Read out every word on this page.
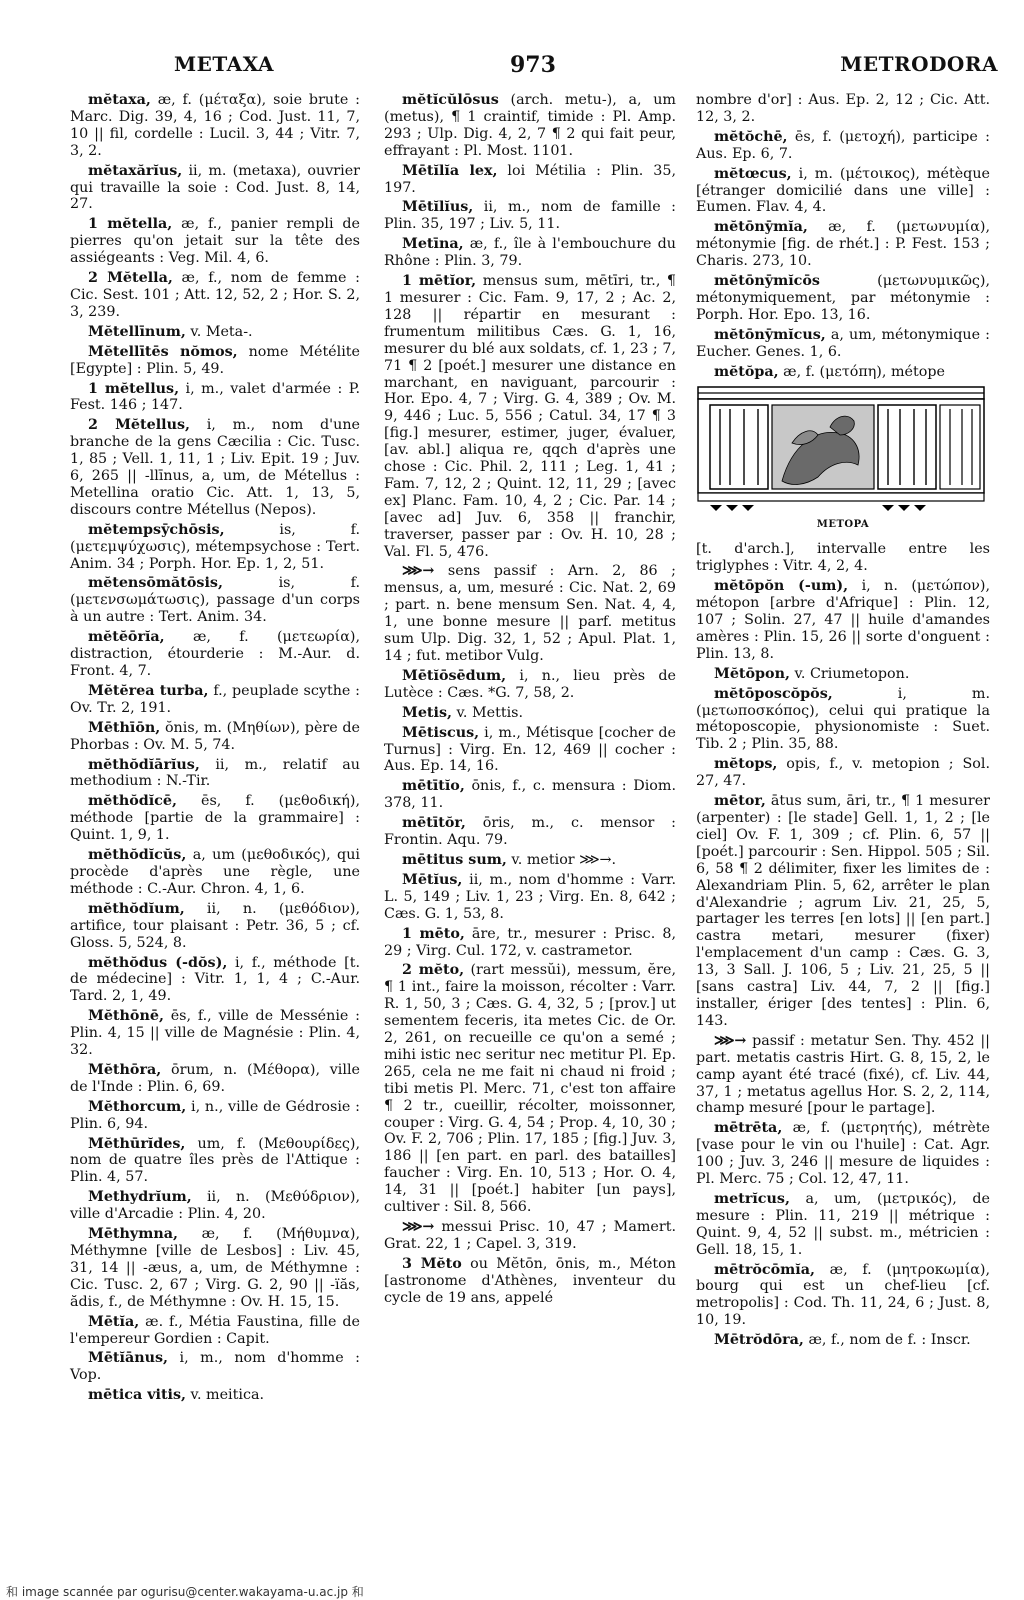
METAXA	973	METRODORA

mĕtaxa, æ, f. (μέταξα), soie brute : Marc. Dig. 39, 4, 16 ; Cod. Just. 11, 7, 10 || fil, cordelle : Lucil. 3, 44 ; Vitr. 7, 3, 2.

mĕtaxărĭus, ii, m. (metaxa), ouvrier qui travaille la soie : Cod. Just. 8, 14, 27.

1 mĕtella, æ, f., panier rempli de pierres qu'on jetait sur la tête des assiégeants : Veg. Mil. 4, 6.

2 Mĕtella, æ, f., nom de femme : Cic. Sest. 101 ; Att. 12, 52, 2 ; Hor. S. 2, 3, 239.

Mĕtellīnum, v. Meta-.

Mĕtellītēs nŏmos, nome Métélite [Egypte] : Plin. 5, 49.

1 mĕtellus, i, m., valet d'armée : P. Fest. 146 ; 147.

2 Mĕtellus, i, m., nom d'une branche de la gens Cæcilia : Cic. Tusc. 1, 85 ; Vell. 1, 11, 1 ; Liv. Epit. 19 ; Juv. 6, 265 || -llīnus, a, um, de Métellus : Metellina oratio Cic. Att. 1, 13, 5, discours contre Métellus (Nepos).

mĕtempsȳchōsis, is, f. (μετεμψύχωσις), métempsychose : Tert. Anim. 34 ; Porph. Hor. Ep. 1, 2, 51.

mĕtensōmătōsis, is, f. (μετενσωμάτωσις), passage d'un corps à un autre : Tert. Anim. 34.

mĕtĕōrĭa, æ, f. (μετεωρία), distraction, étourderie : M.-Aur. d. Front. 4, 7.

Mĕtĕrea turba, f., peuplade scythe : Ov. Tr. 2, 191.

Mēthīōn, ŏnis, m. (Μηθίων), père de Phorbas : Ov. M. 5, 74.

mĕthŏdĭārĭus, ii, m., relatif au methodium : N.-Tir.

mĕthŏdĭcē, ēs, f. (μεθοδική), méthode [partie de la grammaire] : Quint. 1, 9, 1.

mĕthŏdĭcŭs, a, um (μεθοδικός), qui procède d'après une règle, une méthode : C.-Aur. Chron. 4, 1, 6.

mĕthŏdĭum, ii, n. (μεθόδιον), artifice, tour plaisant : Petr. 36, 5 ; cf. Gloss. 5, 524, 8.

mĕthŏdus (-dŏs), i, f., méthode [t. de médecine] : Vitr. 1, 1, 4 ; C.-Aur. Tard. 2, 1, 49.

Mĕthōnē, ēs, f., ville de Messénie : Plin. 4, 15 || ville de Magnésie : Plin. 4, 32.

Mĕthōra, ōrum, n. (Μέθορα), ville de l'Inde : Plin. 6, 69.

Mĕthorcum, i, n., ville de Gédrosie : Plin. 6, 94.

Mĕthūrĭdes, um, f. (Μεθουρίδες), nom de quatre îles près de l'Attique : Plin. 4, 57.

Methydrĭum, ii, n. (Μεθύδριον), ville d'Arcadie : Plin. 4, 20.

Mēthymna, æ, f. (Μήθυμνα), Méthymne [ville de Lesbos] : Liv. 45, 31, 14 || -æus, a, um, de Méthymne : Cic. Tusc. 2, 67 ; Virg. G. 2, 90 || -ïăs, ădis, f., de Méthymne : Ov. H. 15, 15.

Mētĭa, æ. f., Métia Faustina, fille de l'empereur Gordien : Capit.

Mētĭānus, i, m., nom d'homme : Vop.

mētica vitis, v. meitica.

mĕtĭcŭlōsus (arch. metu-), a, um (metus), ¶ 1 craintif, timide : Pl. Amp. 293 ; Ulp. Dig. 4, 2, 7 ¶ 2 qui fait peur, effrayant : Pl. Most. 1101.

Mētĭlĭa lex, loi Métilia : Plin. 35, 197.

Mētĭlĭus, ii, m., nom de famille : Plin. 35, 197 ; Liv. 5, 11.

Metīna, æ, f., île à l'embouchure du Rhône : Plin. 3, 79.

1 mētĭor, mensus sum, mētīri, tr., ¶ 1 mesurer : Cic. Fam. 9, 17, 2 ; Ac. 2, 128 || répartir en mesurant : frumentum militibus Cæs. G. 1, 16, mesurer du blé aux soldats, cf. 1, 23 ; 7, 71 ¶ 2 [poét.] mesurer une distance en marchant, en naviguant, parcourir : Hor. Epo. 4, 7 ; Virg. G. 4, 389 ; Ov. M. 9, 446 ; Luc. 5, 556 ; Catul. 34, 17 ¶ 3 [fig.] mesurer, estimer, juger, évaluer, [av. abl.] aliqua re, qqch d'après une chose : Cic. Phil. 2, 111 ; Leg. 1, 41 ; Fam. 7, 12, 2 ; Quint. 12, 11, 29 ; [avec ex] Planc. Fam. 10, 4, 2 ; Cic. Par. 14 ; [avec ad] Juv. 6, 358 || franchir, traverser, passer par : Ov. H. 10, 28 ; Val. Fl. 5, 476.

⋙→ sens passif : Arn. 2, 86 ; mensus, a, um, mesuré : Cic. Nat. 2, 69 ; part. n. bene mensum Sen. Nat. 4, 4, 1, une bonne mesure || parf. metitus sum Ulp. Dig. 32, 1, 52 ; Apul. Plat. 1, 14 ; fut. metibor Vulg.

Mētĭōsēdum, i, n., lieu près de Lutèce : Cæs. *G. 7, 58, 2.

Metis, v. Mettis.

Mētiscus, i, m., Métisque [cocher de Turnus] : Virg. En. 12, 469 || cocher : Aus. Ep. 14, 16.

mētītĭo, ōnis, f., c. mensura : Diom. 378, 11.

mētītŏr, ōris, m., c. mensor : Frontin. Aqu. 79.

mētitus sum, v. metior ⋙→.

Mētĭus, ii, m., nom d'homme : Varr. L. 5, 149 ; Liv. 1, 23 ; Virg. En. 8, 642 ; Cæs. G. 1, 53, 8.

1 mēto, āre, tr., mesurer : Prisc. 8, 29 ; Virg. Cul. 172, v. castrametor.

2 mĕto, (rart messŭi), messum, ĕre, ¶ 1 int., faire la moisson, récolter : Varr. R. 1, 50, 3 ; Cæs. G. 4, 32, 5 ; [prov.] ut sementem feceris, ita metes Cic. de Or. 2, 261, on recueille ce qu'on a semé ; mihi istic nec seritur nec metitur Pl. Ep. 265, cela ne me fait ni chaud ni froid ; tibi metis Pl. Merc. 71, c'est ton affaire ¶ 2 tr., cueillir, récolter, moissonner, couper : Virg. G. 4, 54 ; Prop. 4, 10, 30 ; Ov. F. 2, 706 ; Plin. 17, 185 ; [fig.] Juv. 3, 186 || [en part. en parl. des batailles] faucher : Virg. En. 10, 513 ; Hor. O. 4, 14, 31 || [poét.] habiter [un pays], cultiver : Sil. 8, 566.

⋙→ messui Prisc. 10, 47 ; Mamert. Grat. 22, 1 ; Capel. 3, 319.

3 Mĕto ou Mĕtōn, ōnis, m., Méton [astronome d'Athènes, inventeur du cycle de 19 ans, appelé

nombre d'or] : Aus. Ep. 2, 12 ; Cic. Att. 12, 3, 2.

mĕtŏchē, ēs, f. (μετοχή), participe : Aus. Ep. 6, 7.

mĕtœcus, i, m. (μέτοικος), métèque [étranger domicilié dans une ville] : Eumen. Flav. 4, 4.

mĕtōnȳmĭa, æ, f. (μετωνυμία), métonymie [fig. de rhét.] : P. Fest. 153 ; Charis. 273, 10.

mĕtōnȳmĭcōs (μετωνυμικῶς), métonymiquement, par métonymie : Porph. Hor. Epo. 13, 16.

mĕtōnȳmĭcus, a, um, métonymique : Eucher. Genes. 1, 6.

mĕtŏpa, æ, f. (μετόπη), métope

METOPA

[t. d'arch.], intervalle entre les triglyphes : Vitr. 4, 2, 4.

mĕtōpŏn (-um), i, n. (μετώπον), métopon [arbre d'Afrique] : Plin. 12, 107 ; Solin. 27, 47 || huile d'amandes amères : Plin. 15, 26 || sorte d'onguent : Plin. 13, 8.

Mĕtōpon, v. Criumetopon.

mĕtōposcŏpŏs, i, m. (μετωποσκόπος), celui qui pratique la métoposcopie, physionomiste : Suet. Tib. 2 ; Plin. 35, 88.

mĕtops, opis, f., v. metopion ; Sol. 27, 47.

mētor, ātus sum, āri, tr., ¶ 1 mesurer (arpenter) : [le stade] Gell. 1, 1, 2 ; [le ciel] Ov. F. 1, 309 ; cf. Plin. 6, 57 || [poét.] parcourir : Sen. Hippol. 505 ; Sil. 6, 58 ¶ 2 délimiter, fixer les limites de : Alexandriam Plin. 5, 62, arrêter le plan d'Alexandrie ; agrum Liv. 21, 25, 5, partager les terres [en lots] || [en part.] castra metari, mesurer (fixer) l'emplacement d'un camp : Cæs. G. 3, 13, 3 Sall. J. 106, 5 ; Liv. 21, 25, 5 || [sans castra] Liv. 44, 7, 2 || [fig.] installer, ériger [des tentes] : Plin. 6, 143.

⋙→ passif : metatur Sen. Thy. 452 || part. metatis castris Hirt. G. 8, 15, 2, le camp ayant été tracé (fixé), cf. Liv. 44, 37, 1 ; metatus agellus Hor. S. 2, 2, 114, champ mesuré [pour le partage].

mētrēta, æ, f. (μετρητής), métrète [vase pour le vin ou l'huile] : Cat. Agr. 100 ; Juv. 3, 246 || mesure de liquides : Pl. Merc. 75 ; Col. 12, 47, 11.

metrĭcus, a, um, (μετρικός), de mesure : Plin. 11, 219 || métrique : Quint. 9, 4, 52 || subst. m., métricien : Gell. 18, 15, 1.

mētrŏcōmĭa, æ, f. (μητροκωμία), bourg qui est un chef-lieu [cf. metropolis] : Cod. Th. 11, 24, 6 ; Just. 8, 10, 19.

Mētrŏdōra, æ, f., nom de f. : Inscr.

和 image scannée par ogurisu@center.wakayama-u.ac.jp 和
